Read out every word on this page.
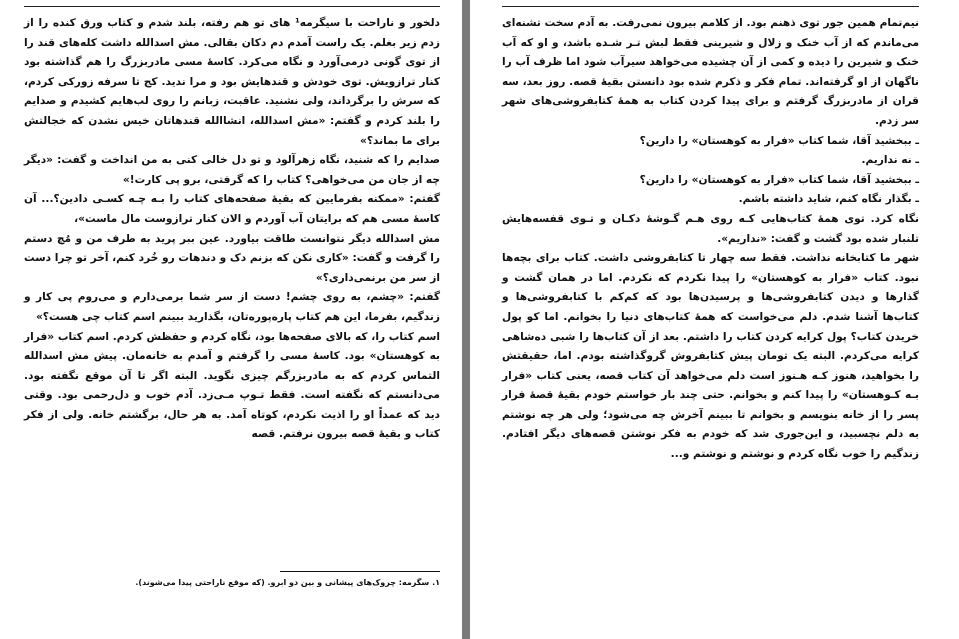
دلخور و ناراحت با سیگرمه¹ های تو هم رفته، بلند شدم و کتاب ورق کنده را از زدم زیر بغلم. یک راست آمدم دم دکان بقالی. مش اسدالله داشت کله‌های قند را از توی گونی درمی‌آورد و نگاه می‌کرد. کاسهٔ مسی مادربزرگ را هم گذاشته بود کنار ترازویش. توی خودش و قندهایش بود و مرا ندید. کج تا سرفه زورکی کردم، که سرش را برگرداند، ولی نشنید. عاقبت، زبانم را روی لب‌هایم کشیدم و صدایم را بلند کردم و گفتم: «مش اسدالله، انشاالله قندهاتان خیس نشدن که خجالتش برای ما بماند؟»

صدایم را که شنید، نگاه زهرآلود و تو دل خالی کنی به من انداخت و گفت: «دیگر چه از جان من می‌خواهی؟ کتاب را که گرفتی، برو پی کارت!»

گفتم: «ممکنه بفرمایین که بقیهٔ صفحه‌های کتاب را بـه چـه کسـی دادین؟... آن کاسهٔ مسی هم که برایتان آب آوردم و الان کنار ترازوست مال ماست»،

مش اسدالله دیگر نتوانست طاقت بیاورد. عین ببر پرید به طرف من و مُچ دستم را گرفت و گفت: «کاری نکن که بزنم دک و دندهات رو خُرد کنم، آخر تو چرا دست از سر من برنمی‌داری؟»

گفتم: «چشم، به روی چشم! دست از سر شما برمی‌دارم و می‌روم پی کار و زندگیم، بفرما، این هم کتاب پاره‌پوره‌تان، بگذارید ببینم اسم کتاب چی هست؟»

اسم کتاب را، که بالای صفحه‌ها بود، نگاه کردم و حفظش کردم. اسم کتاب «فرار به کوهستان» بود. کاسهٔ مسی را گرفتم و آمدم به خانه‌مان. پیش مش اسدالله التماس کردم که به مادربزرگم چیزی نگوید. البته اگر تا آن موقع نگفته بود. می‌دانستم که نگفته است. فقط تـوپ مـی‌زد. آدم خوب و دل‌رحمی بود. وقتی دید که عمداً او را اذیت نکردم، کوتاه آمد. به هر حال، برگشتم خانه. ولی از فکر کتاب و بقیهٔ قصه بیرون نرفتم. قصه

۱. سگرمه: چروک‌های پیشانی و بین دو ابرو. (که موقع ناراحتی پیدا می‌شوند).

نیم‌تمام همین جور توی ذهنم بود. از کلامم بیرون نمی‌رفت. به آدم سخت تشنه‌ای می‌ماندم که از آب خنک و زلال و شیرینی فقط لبش تـر شـده باشد، و او که آب خنک و شیرین را دیده و کمی از آن چشیده می‌خواهد سیرآب شود اما ظرف آب را ناگهان از او گرفته‌اند. تمام فکر و ذکرم شده بود دانستن بقیهٔ قصه. روز بعد، سه قران از مادربزرگ گرفتم و برای پیدا کردن کتاب به همهٔ کتابفروشی‌های شهر سر زدم.

ـ ببخشید آقا، شما کتاب «فرار به کوهستان» را دارین؟

ـ نه نداریم.

ـ ببخشید آقا، شما کتاب «فرار به کوهستان» را دارین؟

ـ بگذار نگاه کنم، شاید داشته باشم.

نگاه کرد. توی همهٔ کتاب‌هایی کـه روی هـم گـوشهٔ دکـان و تـوی قفسه‌هایش تلنبار شده بود گشت و گفت: «نداریم».

شهر ما کتابخانه نداشت. فقط سه چهار تا کتابفروشی داشت. کتاب برای بچه‌ها نبود. کتاب «فرار به کوهستان» را پیدا نکردم که نکردم. اما در همان گشت و گذارها و دیدن کتابفروشی‌ها و پرسیدن‌ها بود که کم‌کم با کتابفروشی‌ها و کتاب‌ها آشنا شدم. دلم می‌خواست که همهٔ کتاب‌های دنیا را بخوانم. اما کو پول خریدن کتاب؟ پول کرایه کردن کتاب را داشتم. بعد از آن کتاب‌ها را شبی ده‌شاهی کرایه می‌کردم. البته یک تومان پیش کتابفروش گروگذاشته بودم. اما، حقیقتش را بخواهید، هنوز کـه هـنوز است دلم می‌خواهد آن کتاب قصه، یعنی کتاب «فرار بـه کـوهستان» را پیدا کنم و بخوانم. حتی چند بار خواستم خودم بقیهٔ قصهٔ فرار پسر را از خانه بنویسم و بخوانم تا ببینم آخرش چه می‌شود؛ ولی هر چه نوشتم به دلم نچسبید، و این‌جوری شد که خودم به فکر نوشتن قصه‌های دیگر افتادم. زندگیم را خوب نگاه کردم و نوشتم و نوشتم و...
